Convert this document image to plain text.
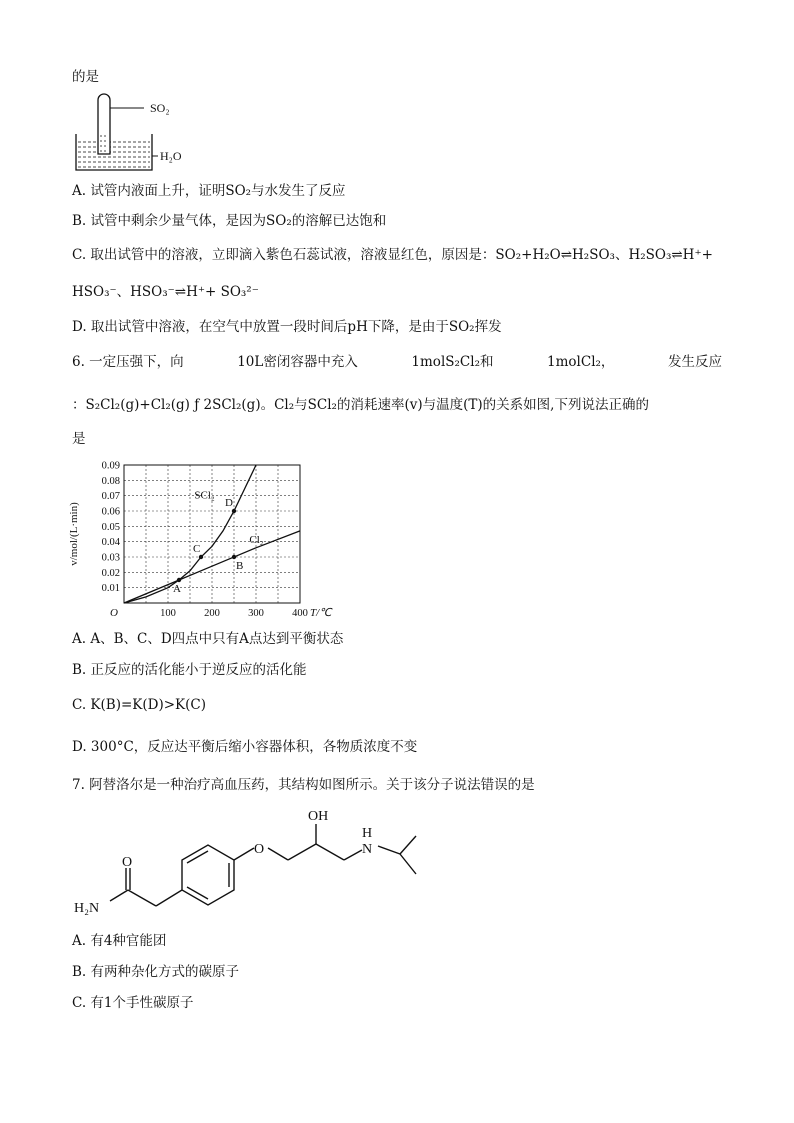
的是
SO₂
H₂O
A. 试管内液面上升，证明SO₂与水发生了反应
B. 试管中剩余少量气体，是因为SO₂的溶解已达饱和
C. 取出试管中的溶液，立即滴入紫色石蕊试液，溶液显红色，原因是：SO₂+H₂O⇌H₂SO₃、H₂SO₃⇌H⁺+
HSO₃⁻、HSO₃⁻⇌H⁺+ SO₃²⁻
D. 取出试管中溶液，在空气中放置一段时间后pH下降，是由于SO₂挥发
6. 一定压强下，向	10L密闭容器中充入	1molS₂Cl₂和	1molCl₂，	发生反应
：S₂Cl₂(g)+Cl₂(g) ƒ 2SCl₂(g)。Cl₂与SCl₂的消耗速率(v)与温度(T)的关系如图,下列说法正确的
是
0.01
0.02
0.03
0.04
0.05
0.06
0.07
0.08
0.09
100	200	300	400
O	T/℃
v/mol/(L·min)
SCl₂
Cl₂
A
B
C
D
A. A、B、C、D四点中只有A点达到平衡状态
B. 正反应的活化能小于逆反应的活化能
C. K(B)=K(D)>K(C)
D. 300°C，反应达平衡后缩小容器体积，各物质浓度不变
7. 阿替洛尔是一种治疗高血压药，其结构如图所示。关于该分子说法错误的是
O
H₂N
O
OH
H
N
A. 有4种官能团
B. 有两种杂化方式的碳原子
C. 有1个手性碳原子
